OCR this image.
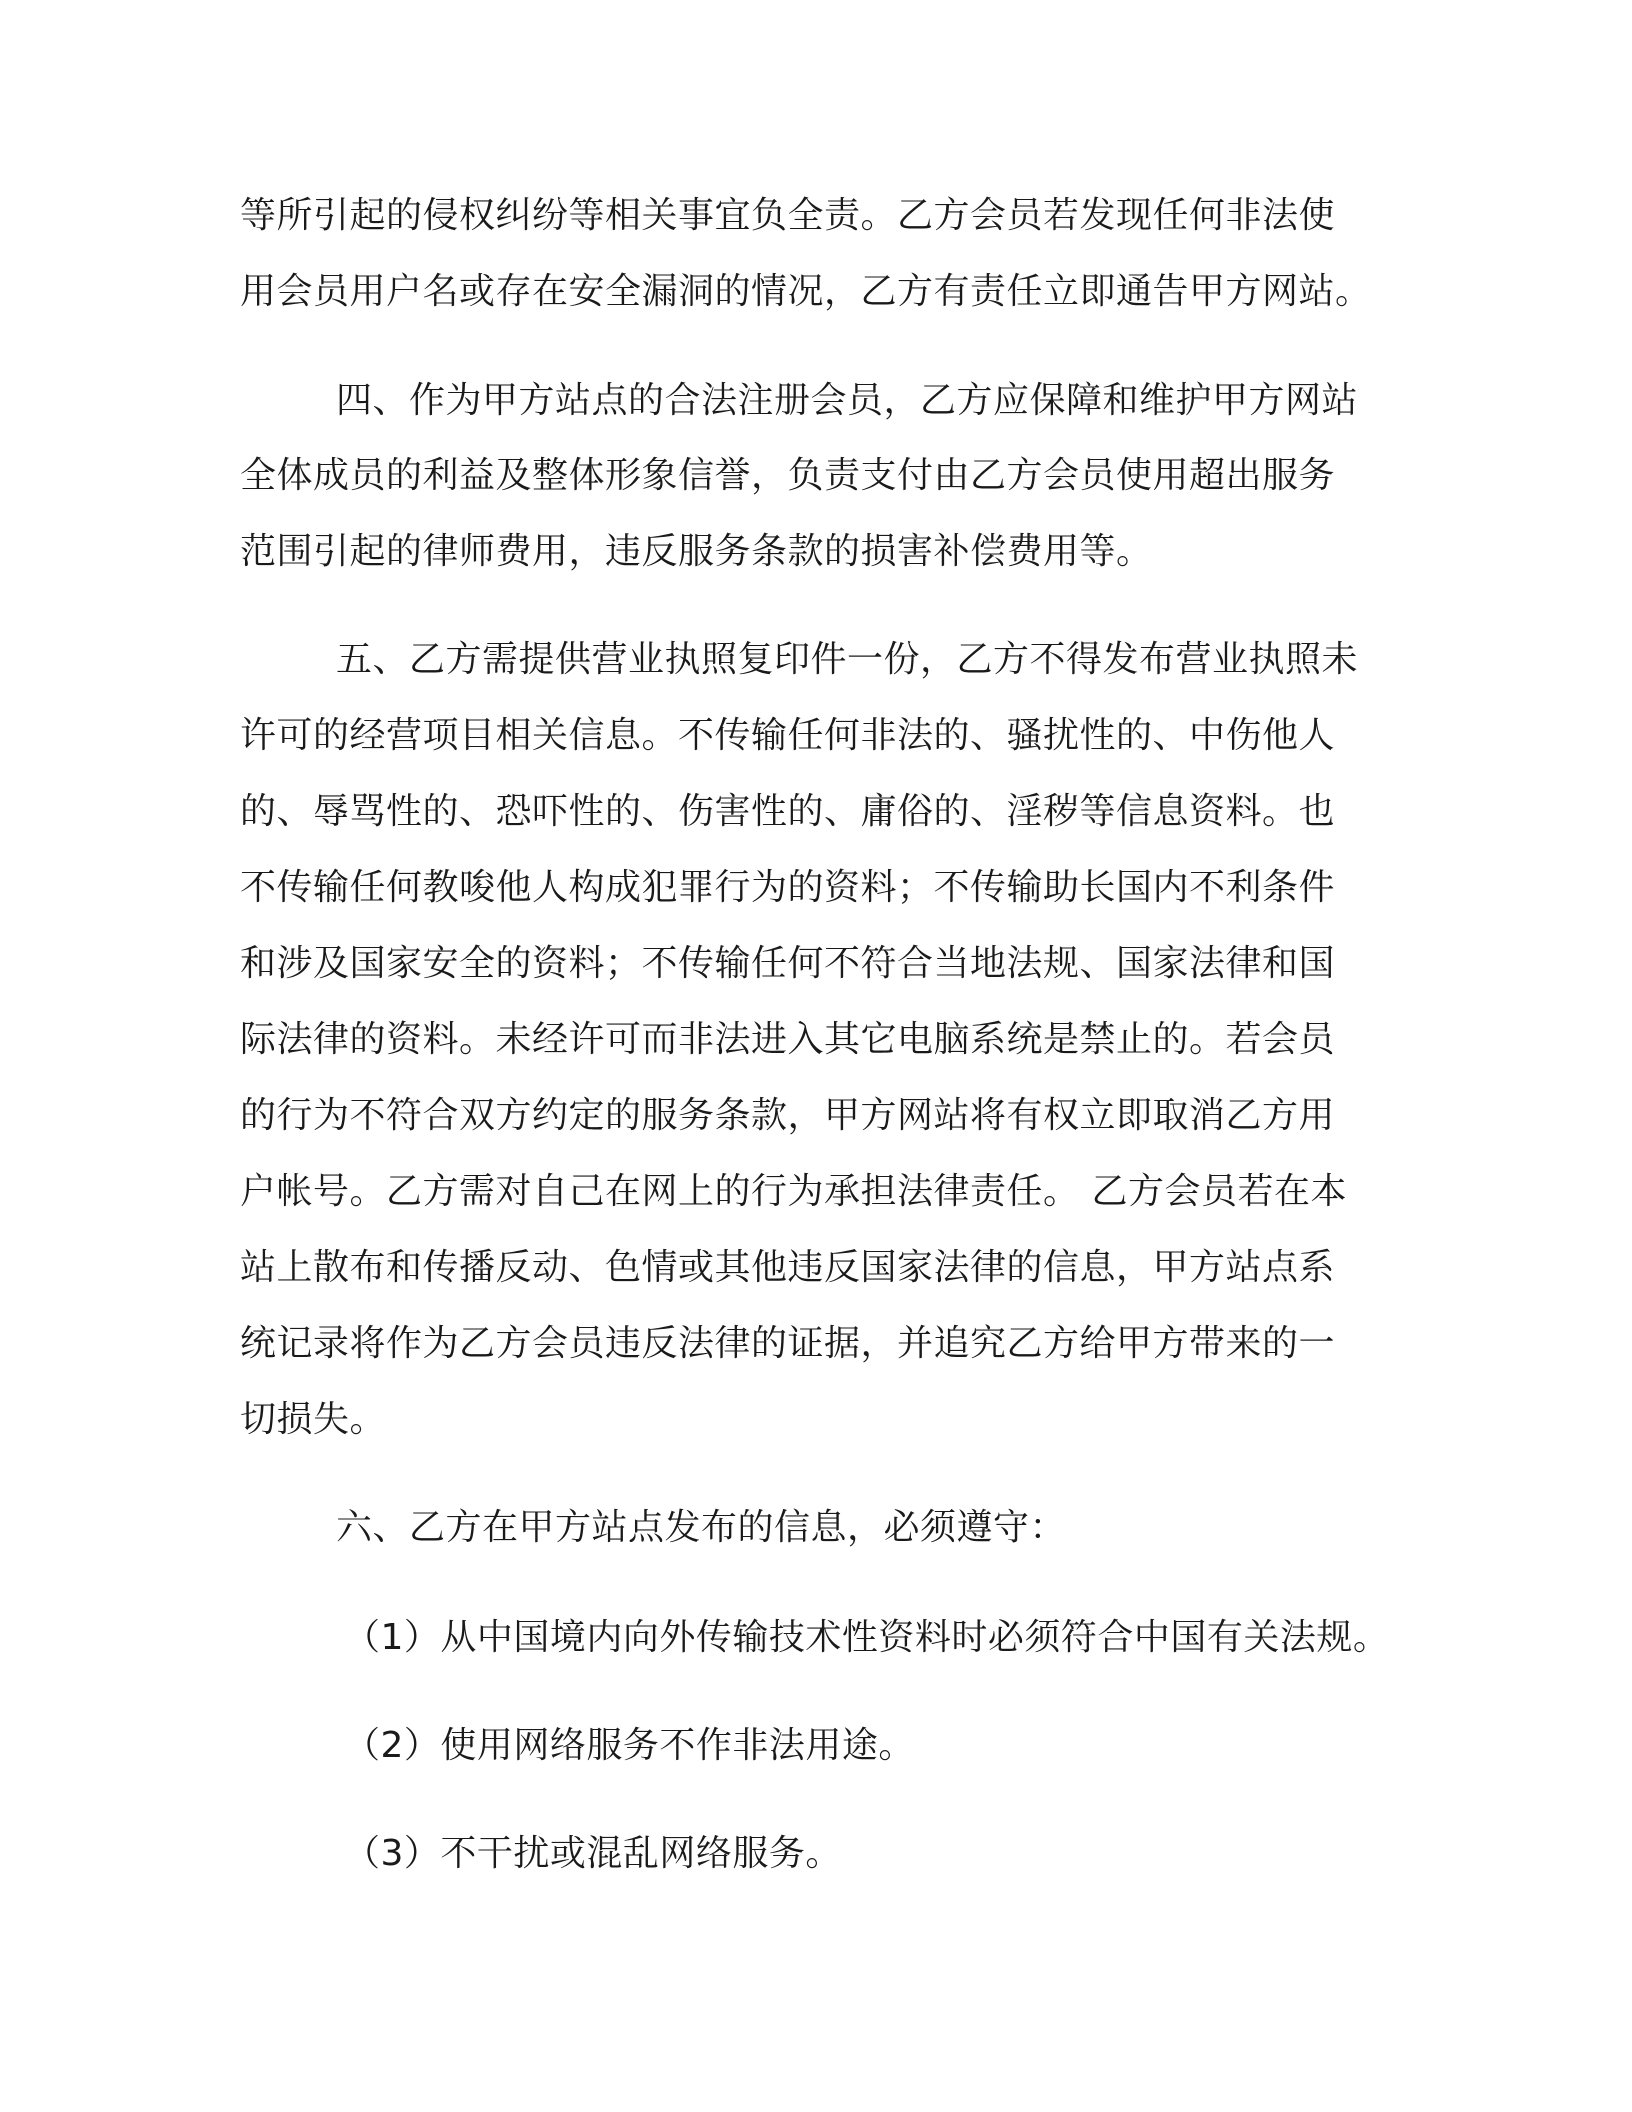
等所引起的侵权纠纷等相关事宜负全责。乙方会员若发现任何非法使
用会员用户名或存在安全漏洞的情况，乙方有责任立即通告甲方网站。
四、作为甲方站点的合法注册会员，乙方应保障和维护甲方网站
全体成员的利益及整体形象信誉，负责支付由乙方会员使用超出服务
范围引起的律师费用，违反服务条款的损害补偿费用等。
五、乙方需提供营业执照复印件一份，乙方不得发布营业执照未
许可的经营项目相关信息。不传输任何非法的、骚扰性的、中伤他人
的、辱骂性的、恐吓性的、伤害性的、庸俗的、淫秽等信息资料。也
不传输任何教唆他人构成犯罪行为的资料；不传输助长国内不利条件
和涉及国家安全的资料；不传输任何不符合当地法规、国家法律和国
际法律的资料。未经许可而非法进入其它电脑系统是禁止的。若会员
的行为不符合双方约定的服务条款，甲方网站将有权立即取消乙方用
户帐号。乙方需对自己在网上的行为承担法律责任。 乙方会员若在本
站上散布和传播反动、色情或其他违反国家法律的信息，甲方站点系
统记录将作为乙方会员违反法律的证据，并追究乙方给甲方带来的一
切损失。
六、乙方在甲方站点发布的信息，必须遵守：
（1）从中国境内向外传输技术性资料时必须符合中国有关法规。
（2）使用网络服务不作非法用途。
（3）不干扰或混乱网络服务。
